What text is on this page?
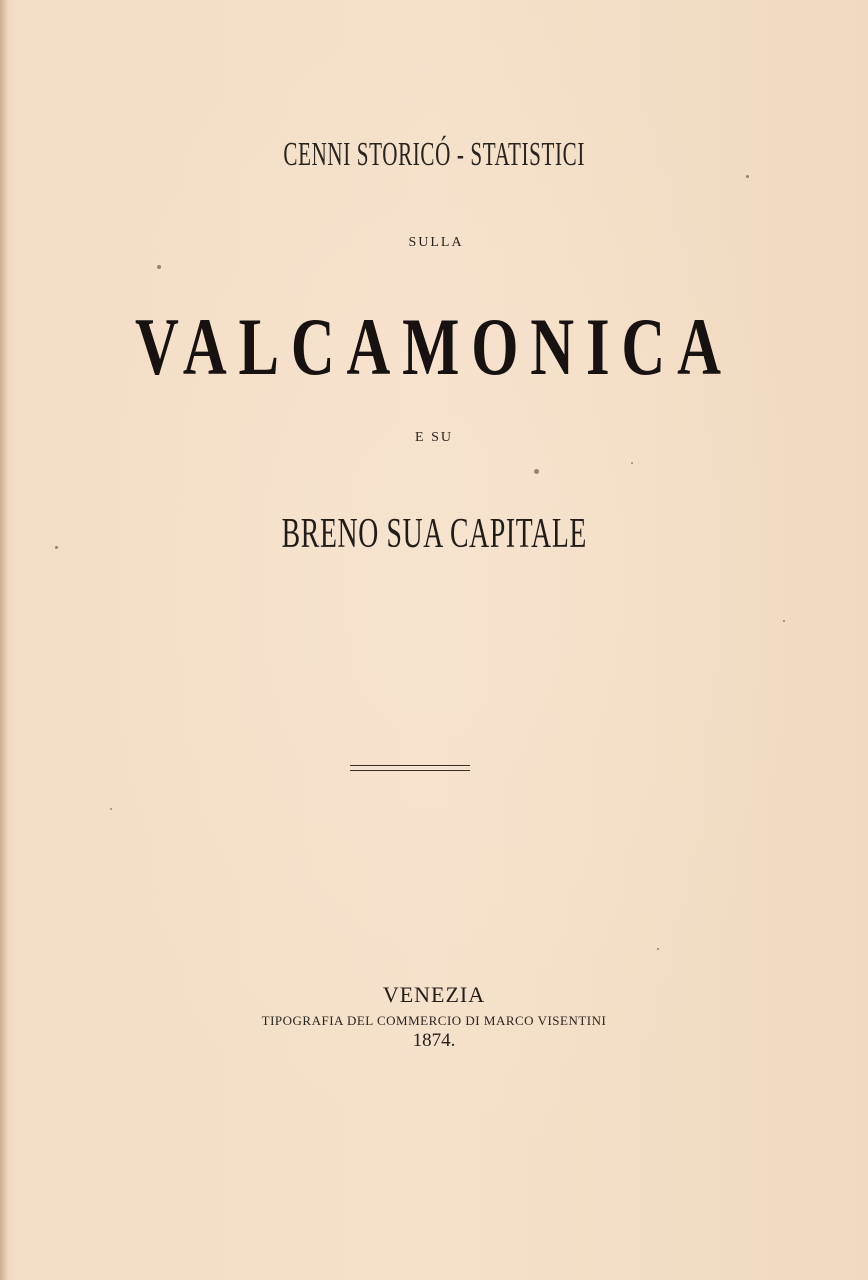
CENNI STORICÓ - STATISTICI
SULLA
VALCAMONICA
E SU
BRENO SUA CAPITALE
VENEZIA
TIPOGRAFIA DEL COMMERCIO DI MARCO VISENTINI
1874.
